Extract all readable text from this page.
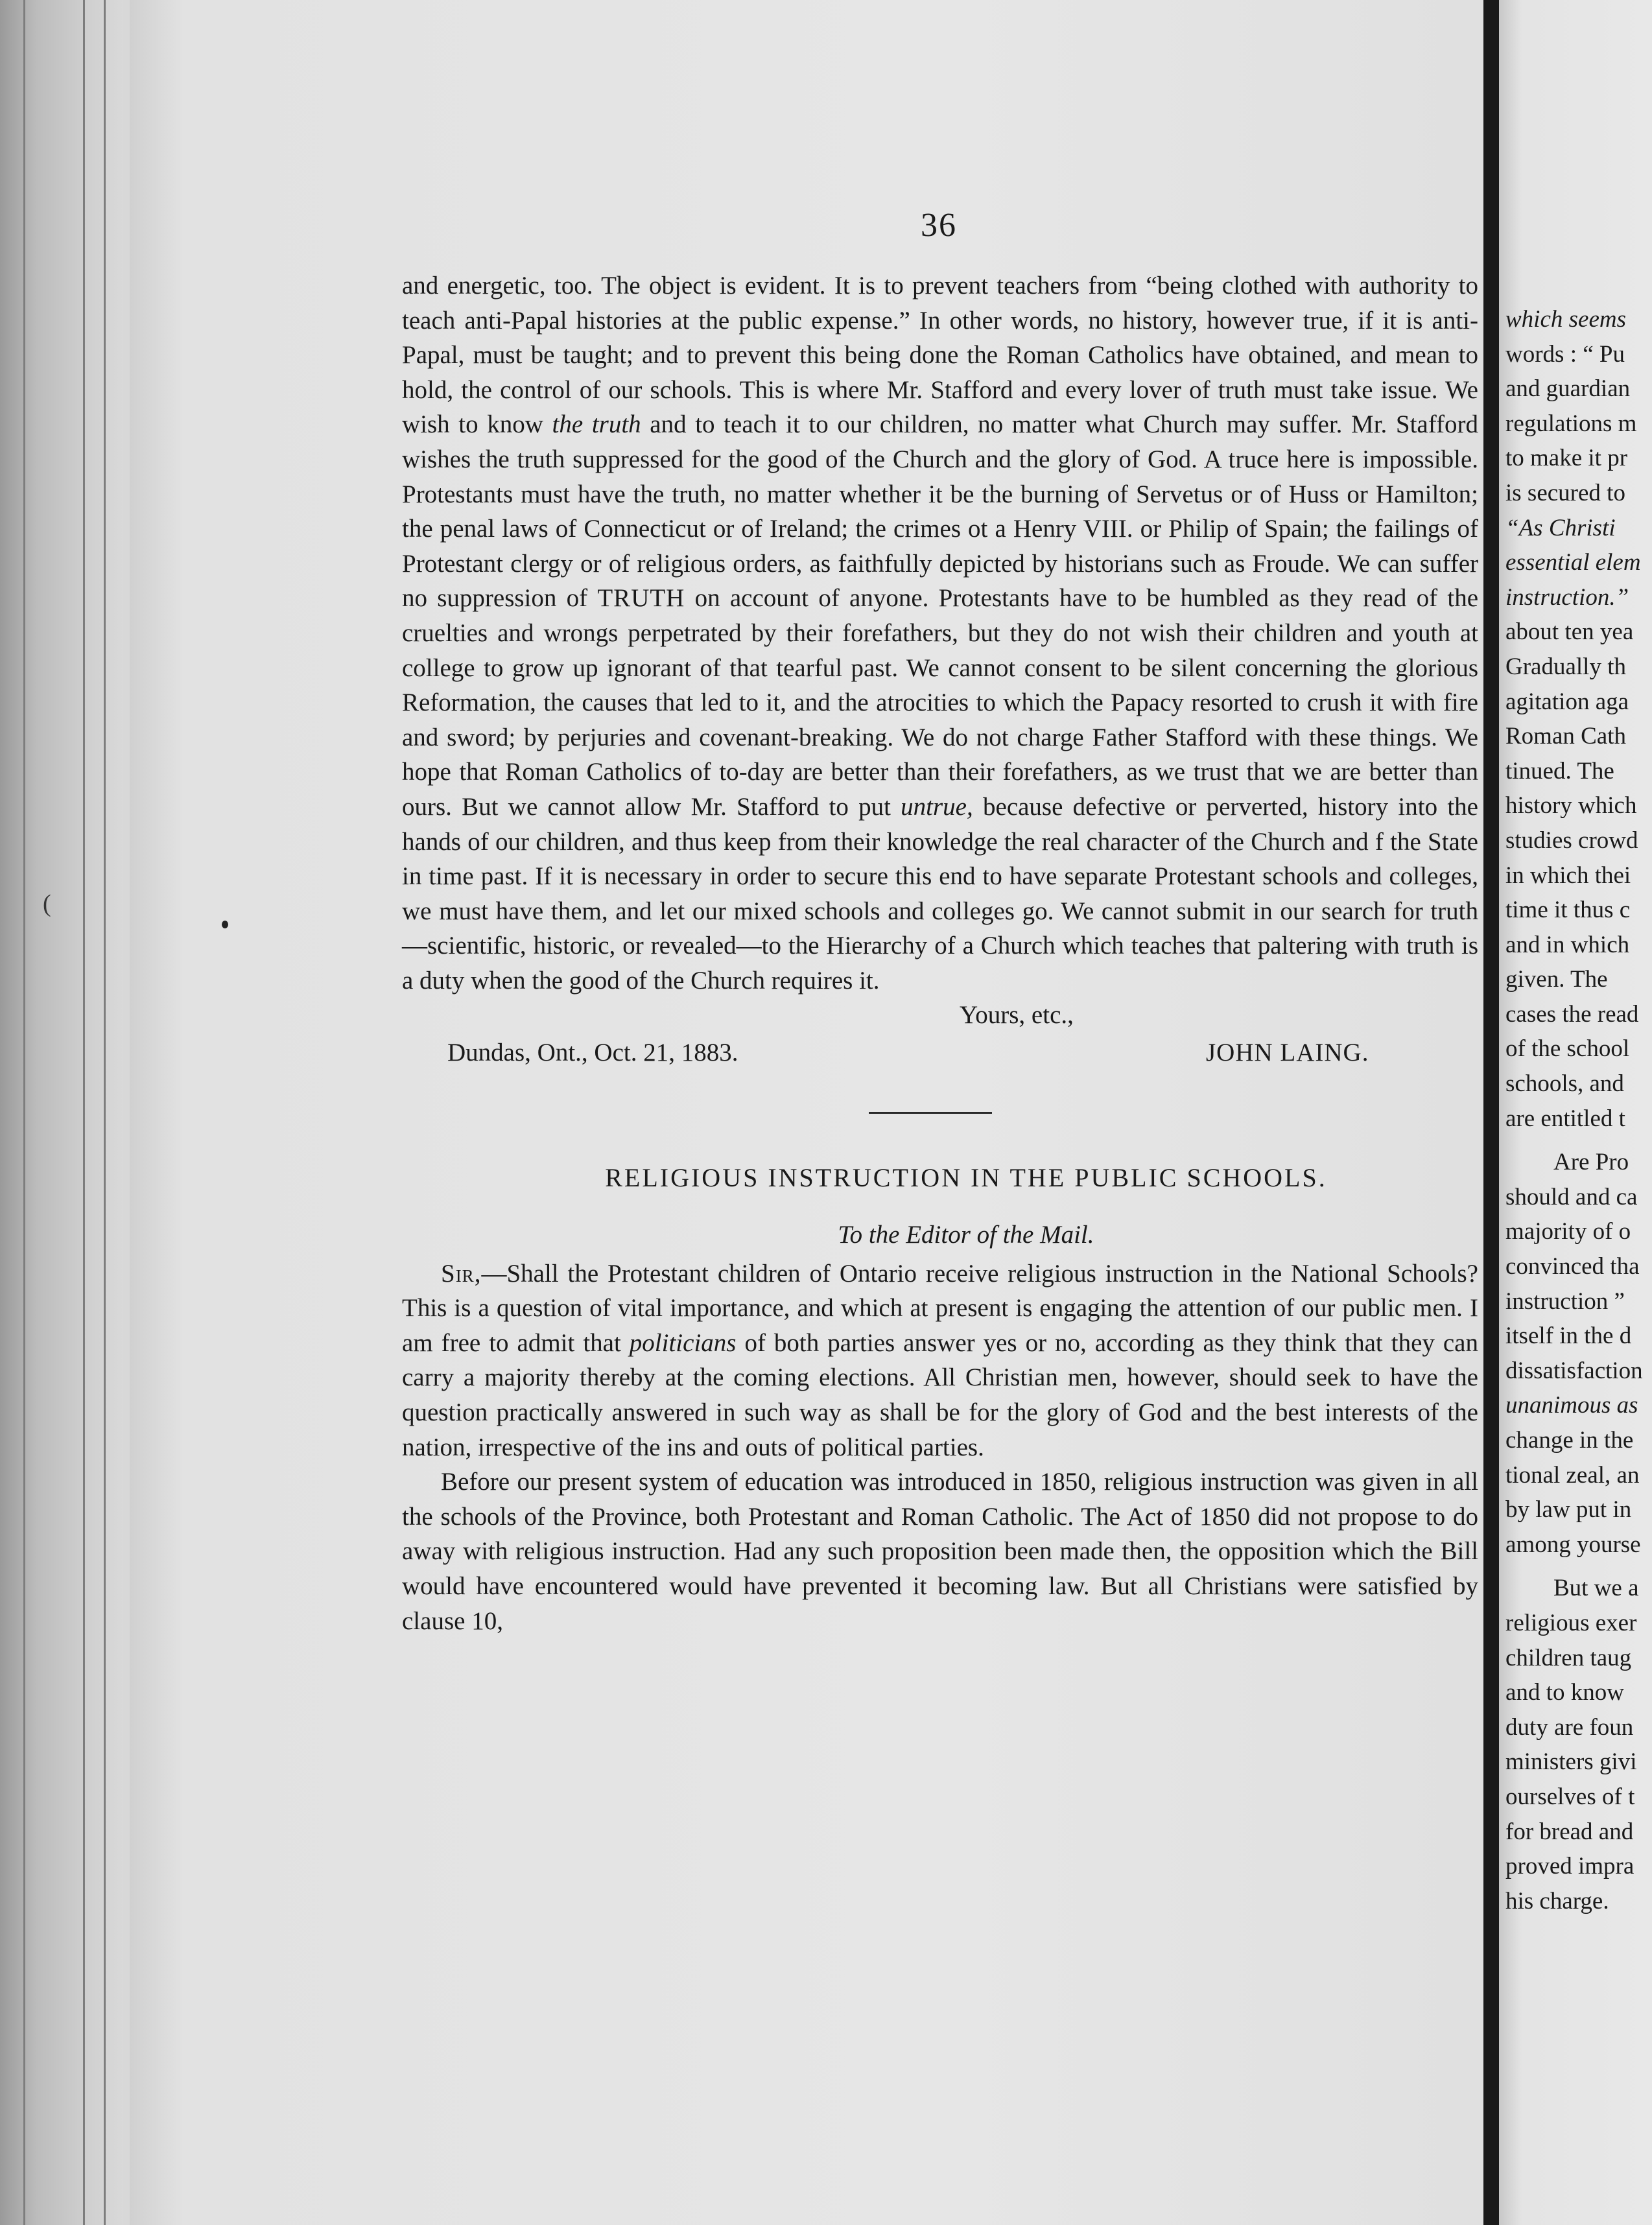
(
36

and energetic, too. The object is evident. It is to prevent teachers from “being clothed with authority to teach anti-Papal histories at the public expense.” In other words, no history, however true, if it is anti-Papal, must be taught; and to prevent this being done the Roman Catholics have obtained, and mean to hold, the control of our schools. This is where Mr. Stafford and every lover of truth must take issue. We wish to know the truth and to teach it to our children, no matter what Church may suffer. Mr. Stafford wishes the truth suppressed for the good of the Church and the glory of God. A truce here is impossible. Protestants must have the truth, no matter whether it be the burning of Servetus or of Huss or Hamilton; the penal laws of Connecticut or of Ireland; the crimes ot a Henry VIII. or Philip of Spain; the failings of Protestant clergy or of religious orders, as faithfully depicted by historians such as Froude. We can suffer no suppression of TRUTH on account of anyone. Protestants have to be humbled as they read of the cruelties and wrongs perpetrated by their forefathers, but they do not wish their children and youth at college to grow up ignorant of that tearful past. We cannot consent to be silent concerning the glorious Reformation, the causes that led to it, and the atrocities to which the Papacy resorted to crush it with fire and sword; by perjuries and covenant-breaking. We do not charge Father Stafford with these things. We hope that Roman Catholics of to-day are better than their forefathers, as we trust that we are better than ours. But we cannot allow Mr. Stafford to put untrue, because defective or perverted, history into the hands of our children, and thus keep from their knowledge the real character of the Church and f the State in time past. If it is necessary in order to secure this end to have separate Protestant schools and colleges, we must have them, and let our mixed schools and colleges go. We cannot submit in our search for truth—scientific, historic, or revealed—to the Hierarchy of a Church which teaches that paltering with truth is a duty when the good of the Church requires it.

Yours, etc.,
Dundas, Ont., Oct. 21, 1883.	JOHN LAING.
RELIGIOUS INSTRUCTION IN THE PUBLIC SCHOOLS.
To the Editor of the Mail.

Sir,—Shall the Protestant children of Ontario receive religious instruction in the National Schools? This is a question of vital importance, and which at present is engaging the attention of our public men. I am free to admit that politicians of both parties answer yes or no, according as they think that they can carry a majority thereby at the coming elections. All Christian men, however, should seek to have the question practically answered in such way as shall be for the glory of God and the best interests of the nation, irrespective of the ins and outs of political parties.

Before our present system of education was introduced in 1850, religious instruction was given in all the schools of the Province, both Protestant and Roman Catholic. The Act of 1850 did not propose to do away with religious instruction. Had any such proposition been made then, the opposition which the Bill would have encountered would have prevented it becoming law. But all Christians were satisfied by clause 10,

which seems
words : “ Pu
and guardian
regulations m
to make it pr
is secured to
“As Christi
essential elem
instruction.”
about ten yea
Gradually th
agitation aga
Roman Cath
tinued. The
history which
studies crowd
in which thei
time it thus c
and in which
given. The
cases the read
of the school
schools, and
are entitled t
Are Pro
should and ca
majority of o
convinced tha
instruction ”
itself in the d
dissatisfaction
unanimous as
change in the
tional zeal, an
by law put in
among yourse
But we a
religious exer
children taug
and to know
duty are foun
ministers givi
ourselves of t
for bread and
proved impra
his charge.
